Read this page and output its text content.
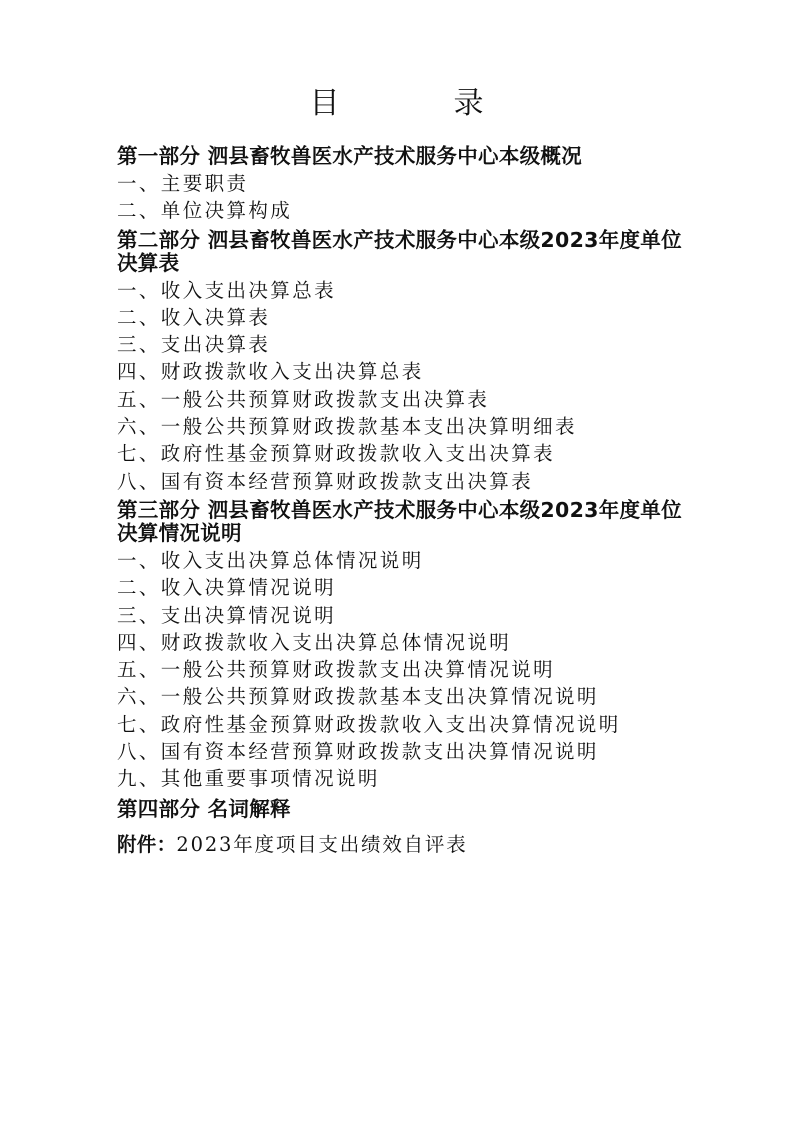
目　录
第一部分 泗县畜牧兽医水产技术服务中心本级概况
一、主要职责
二、单位决算构成
第二部分 泗县畜牧兽医水产技术服务中心本级2023年度单位决算表
一、收入支出决算总表
二、收入决算表
三、支出决算表
四、财政拨款收入支出决算总表
五、一般公共预算财政拨款支出决算表
六、一般公共预算财政拨款基本支出决算明细表
七、政府性基金预算财政拨款收入支出决算表
八、国有资本经营预算财政拨款支出决算表
第三部分 泗县畜牧兽医水产技术服务中心本级2023年度单位决算情况说明
一、收入支出决算总体情况说明
二、收入决算情况说明
三、支出决算情况说明
四、财政拨款收入支出决算总体情况说明
五、一般公共预算财政拨款支出决算情况说明
六、一般公共预算财政拨款基本支出决算情况说明
七、政府性基金预算财政拨款收入支出决算情况说明
八、国有资本经营预算财政拨款支出决算情况说明
九、其他重要事项情况说明
第四部分 名词解释
附件：2023年度项目支出绩效自评表
